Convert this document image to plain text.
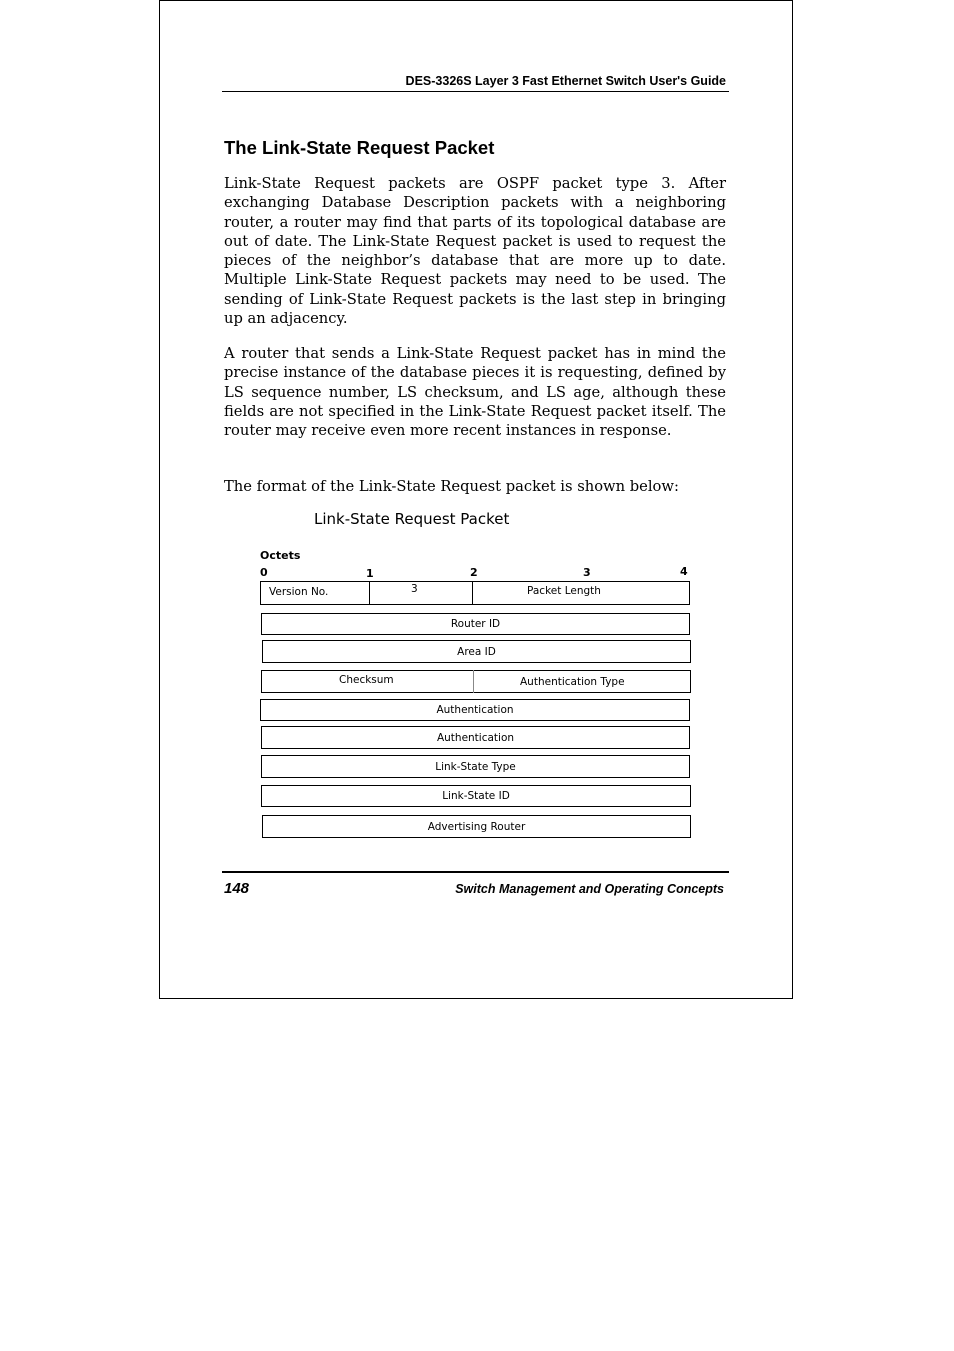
DES-3326S Layer 3 Fast Ethernet Switch User's Guide
The Link-State Request Packet
Link-State Request packets are OSPF packet type 3. After exchanging Database Description packets with a neighboring router, a router may find that parts of its topological database are out of date. The Link-State Request packet is used to request the pieces of the neighbor’s database that are more up to date. Multiple Link-State Request packets may need to be used. The sending of Link-State Request packets is the last step in bringing up an adjacency.
A router that sends a Link-State Request packet has in mind the precise instance of the database pieces it is requesting, defined by LS sequence number, LS checksum, and LS age, although these fields are not specified in the Link-State Request packet itself. The router may receive even more recent instances in response.
The format of the Link-State Request packet is shown below:
Link-State Request Packet
Octets
0	1	2	3	4
Version No.	3	Packet Length
Router ID
Area ID
Checksum	Authentication Type
Authentication
Authentication
Link-State Type
Link-State ID
Advertising Router
148	Switch Management and Operating Concepts
